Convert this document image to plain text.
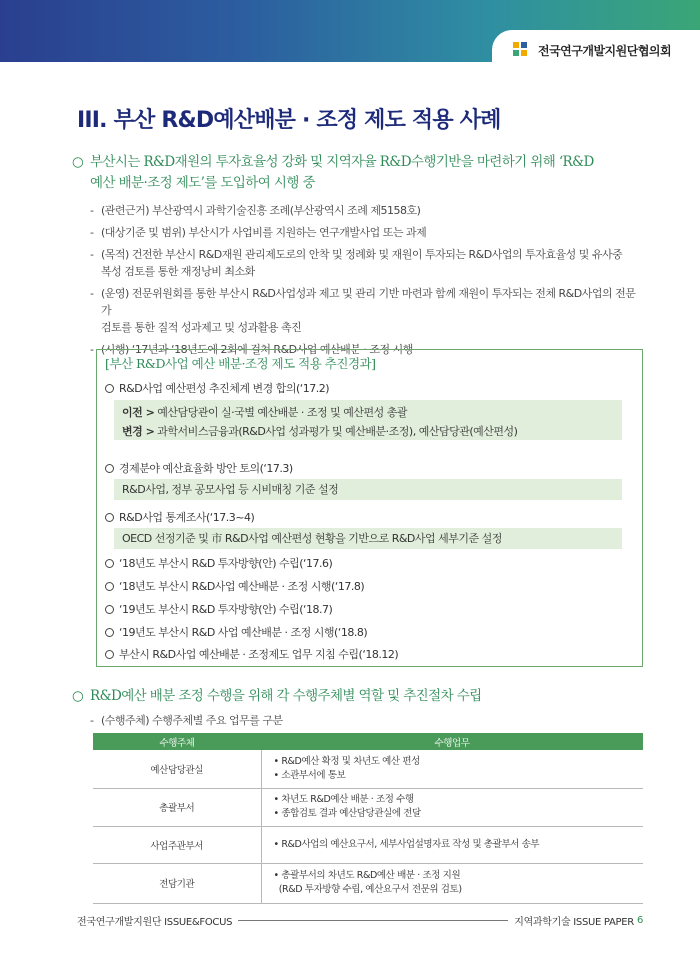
전국연구개발지원단협의회
III. 부산 R&D예산배분 · 조정 제도 적용 사례
○ 부산시는 R&D재원의 투자효율성 강화 및 지역자율 R&D수행기반을 마련하기 위해 ‘R&D
예산 배분·조정 제도’를 도입하여 시행 중
- (관련근거) 부산광역시 과학기술진흥 조례(부산광역시 조례 제5158호)
- (대상기준 및 범위) 부산시가 사업비를 지원하는 연구개발사업 또는 과제
- (목적) 건전한 부산시 R&D재원 관리제도로의 안착 및 정례화 및 재원이 투자되는 R&D사업의 투자효율성 및 유사중
복성 검토를 통한 재정낭비 최소화
- (운영) 전문위원회를 통한 부산시 R&D사업성과 제고 및 관리 기반 마련과 함께 재원이 투자되는 전체 R&D사업의 전문가
검토를 통한 질적 성과제고 및 성과활용 촉진
- (시행) ‘17년과 ‘18년도에 2회에 걸쳐 R&D사업 예산배분 · 조정 시행
[부산 R&D사업 예산 배분·조정 제도 적용 추진경과]
R&D사업 예산편성 추진체계 변경 합의(‘17.2)
이전 > 예산담당관이 실·국별 예산배분 · 조정 및 예산편성 총괄
변경 > 과학서비스금융과(R&D사업 성과평가 및 예산배분·조정), 예산담당관(예산편성)
경제분야 예산효율화 방안 토의(‘17.3)
R&D사업, 정부 공모사업 등 시비매칭 기준 설정
R&D사업 통계조사(‘17.3~4)
OECD 선정기준 및 市 R&D사업 예산편성 현황을 기반으로 R&D사업 세부기준 설정
‘18년도 부산시 R&D 투자방향(안) 수립(‘17.6)
‘18년도 부산시 R&D사업 예산배분 · 조정 시행(‘17.8)
‘19년도 부산시 R&D 투자방향(안) 수립(‘18.7)
‘19년도 부산시 R&D 사업 예산배분 · 조정 시행(‘18.8)
부산시 R&D사업 예산배분 · 조정제도 업무 지침 수립(‘18.12)
○ R&D예산 배분 조정 수행을 위해 각 수행주체별 역할 및 추진절차 수립
- (수행주체) 수행주체별 주요 업무를 구분
수행주체	수행업무
예산담당관실	• R&D예산 확정 및 차년도 예산 편성
• 소관부서에 통보

총괄부서	• 차년도 R&D예산 배분 · 조정 수행
• 종합검토 결과 예산담당관실에 전달

사업주관부서	• R&D사업의 예산요구서, 세부사업설명자료 작성 및 총괄부서 송부

전담기관	• 총괄부서의 차년도 R&D예산 배분 · 조정 지원
(R&D 투자방향 수립, 예산요구서 전문위 검토)
전국연구개발지원단 ISSUE&FOCUS	지역과학기술 ISSUE PAPER 6
